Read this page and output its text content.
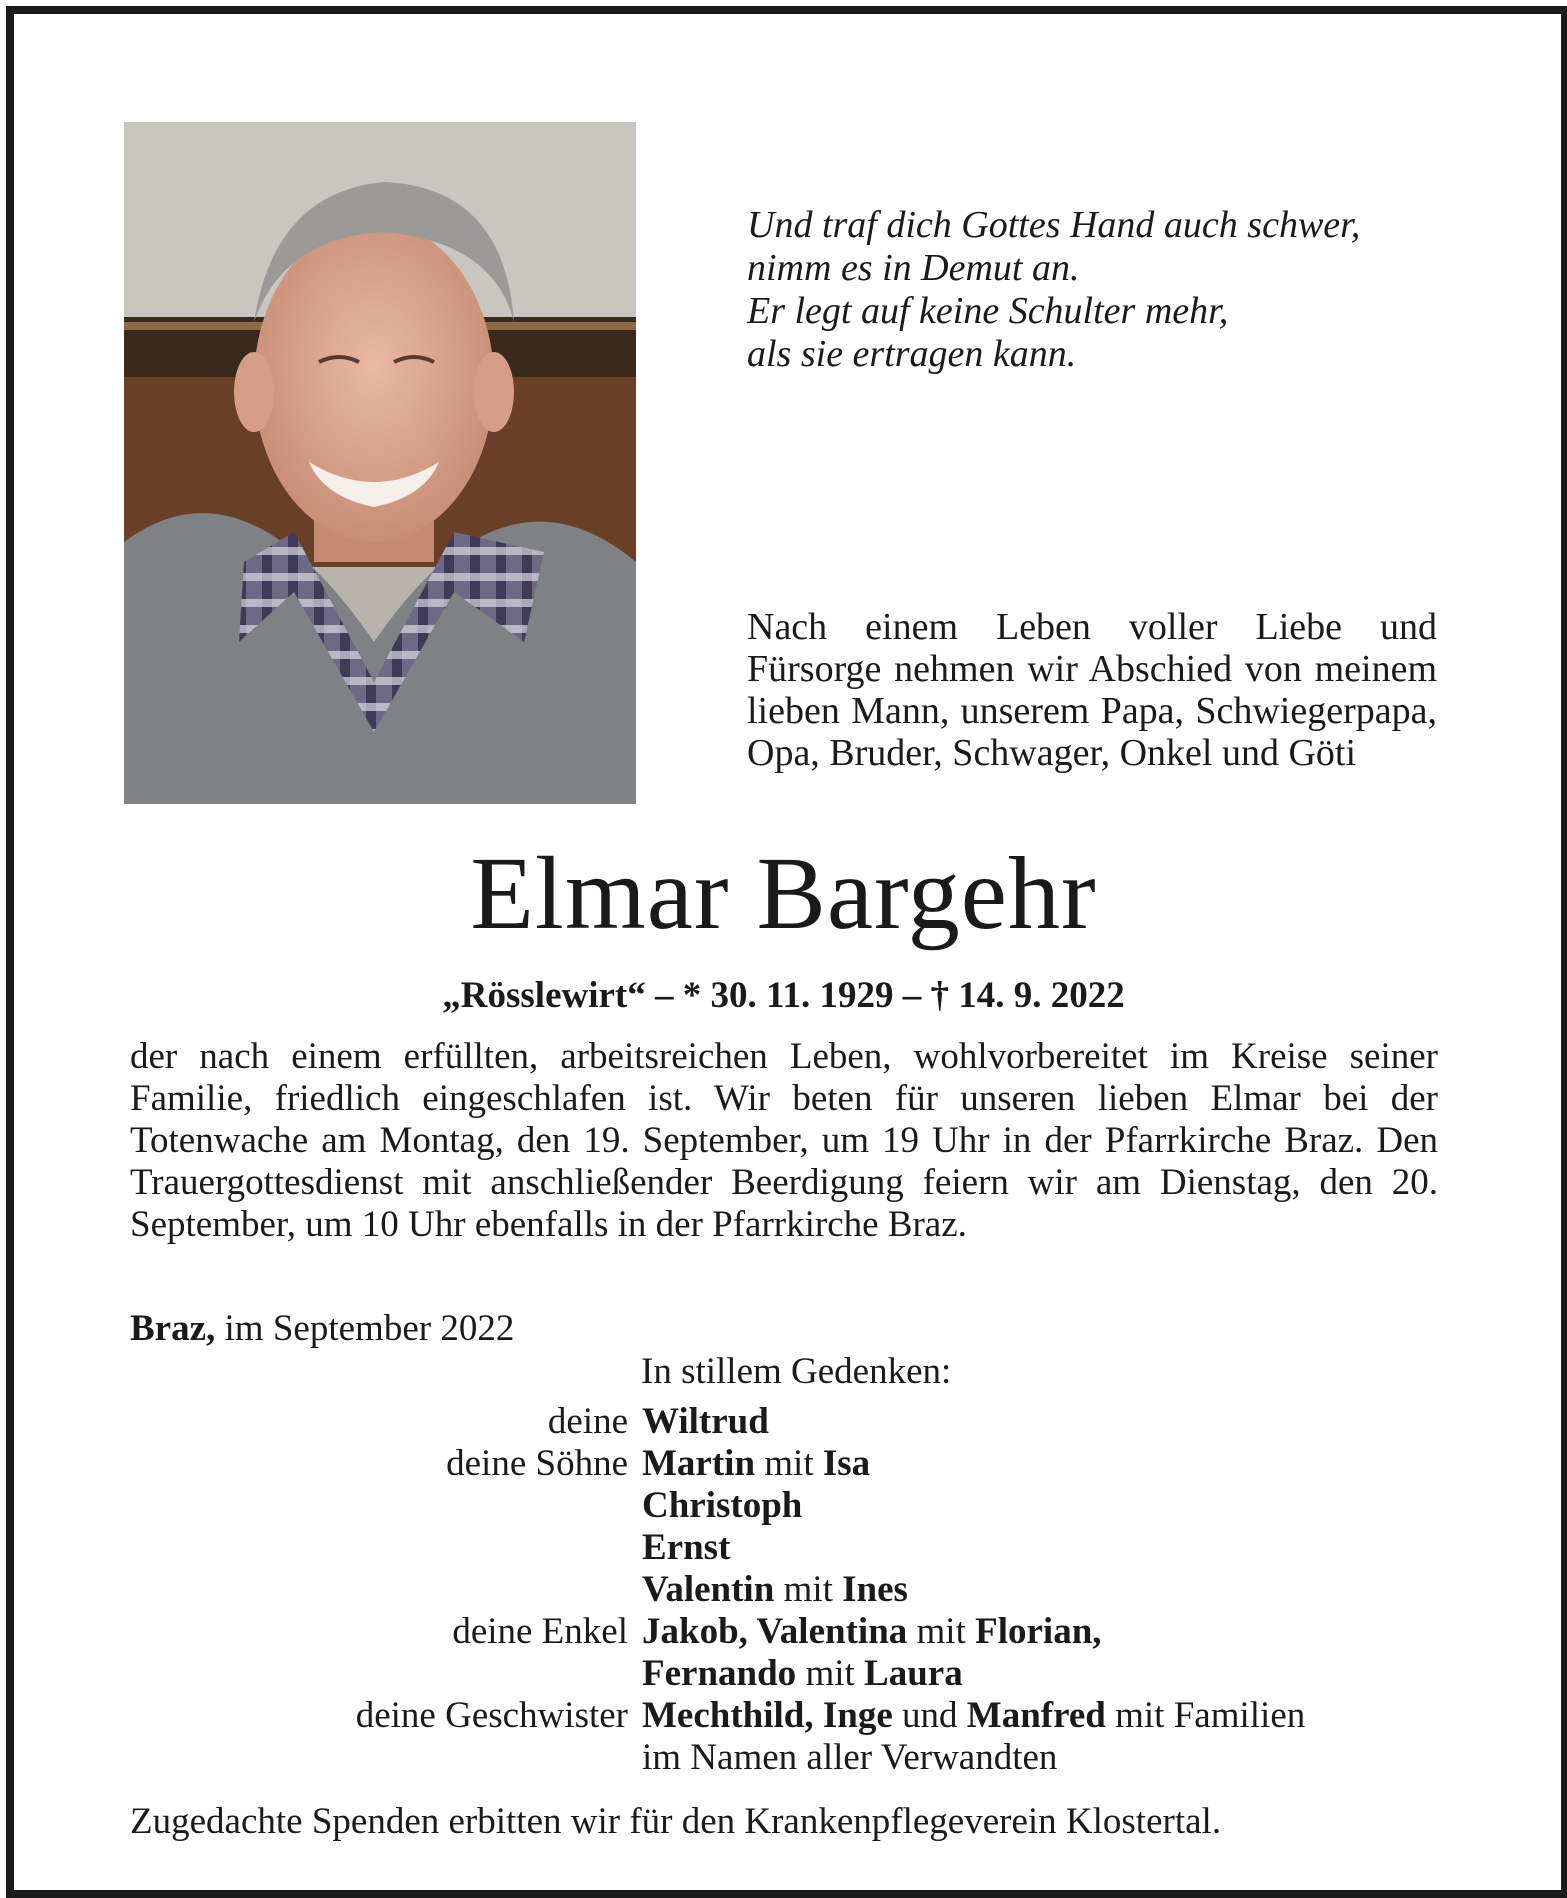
Und traf dich Gottes Hand auch schwer,
nimm es in Demut an.
Er legt auf keine Schulter mehr,
als sie ertragen kann.
Nach einem Leben voller Liebe und Fürsorge nehmen wir Abschied von meinem lieben Mann, unserem Papa, Schwiegerpapa, Opa, Bruder, Schwager, Onkel und Göti
Elmar Bargehr
„Rösslewirt“ – * 30. 11. 1929 – † 14. 9. 2022
der nach einem erfüllten, arbeitsreichen Leben, wohlvorbereitet im Kreise seiner Familie, friedlich eingeschlafen ist. Wir beten für unseren lieben Elmar bei der Totenwache am Montag, den 19. September, um 19 Uhr in der Pfarrkirche Braz. Den Trauergottesdienst mit anschließender Beerdigung feiern wir am Dienstag, den 20. September, um 10 Uhr ebenfalls in der Pfarrkirche Braz.
Braz, im September 2022
In stillem Gedenken:
deine Wiltrud
deine Söhne Martin mit Isa
Christoph
Ernst
Valentin mit Ines
deine Enkel Jakob, Valentina mit Florian,
Fernando mit Laura
deine Geschwister Mechthild, Inge und Manfred mit Familien
im Namen aller Verwandten
Zugedachte Spenden erbitten wir für den Krankenpflegeverein Klostertal.
